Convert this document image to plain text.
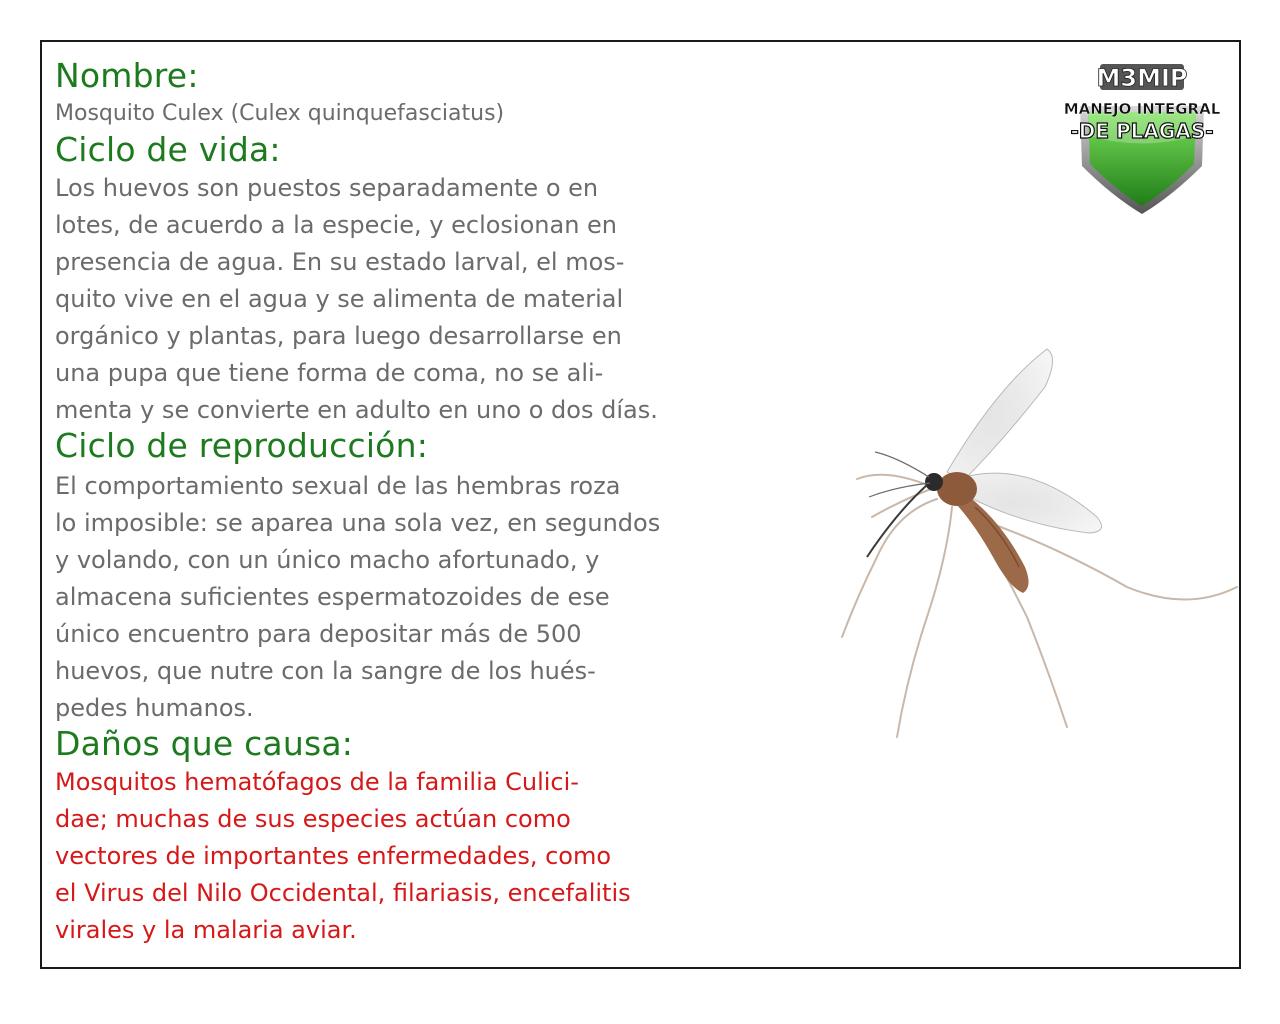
Nombre:
Mosquito Culex (Culex quinquefasciatus)
Ciclo de vida:
Los huevos son puestos separadamente o en
lotes, de acuerdo a la especie, y eclosionan en
presencia de agua. En su estado larval, el mos-
quito vive en el agua y se alimenta de material
orgánico y plantas, para luego desarrollarse en
una pupa que tiene forma de coma, no se ali-
menta y se convierte en adulto en uno o dos días.
Ciclo de reproducción:
El comportamiento sexual de las hembras roza
lo imposible: se aparea una sola vez, en segundos
y volando, con un único macho afortunado, y
almacena suficientes espermatozoides de ese
único encuentro para depositar más de 500
huevos, que nutre con la sangre de los hués-
pedes humanos.
Daños que causa:
Mosquitos hematófagos de la familia Culici-
dae; muchas de sus especies actúan como
vectores de importantes enfermedades, como
el Virus del Nilo Occidental, filariasis, encefalitis
virales y la malaria aviar.
M3MIP
MANEJO INTEGRAL
-DE PLAGAS-
